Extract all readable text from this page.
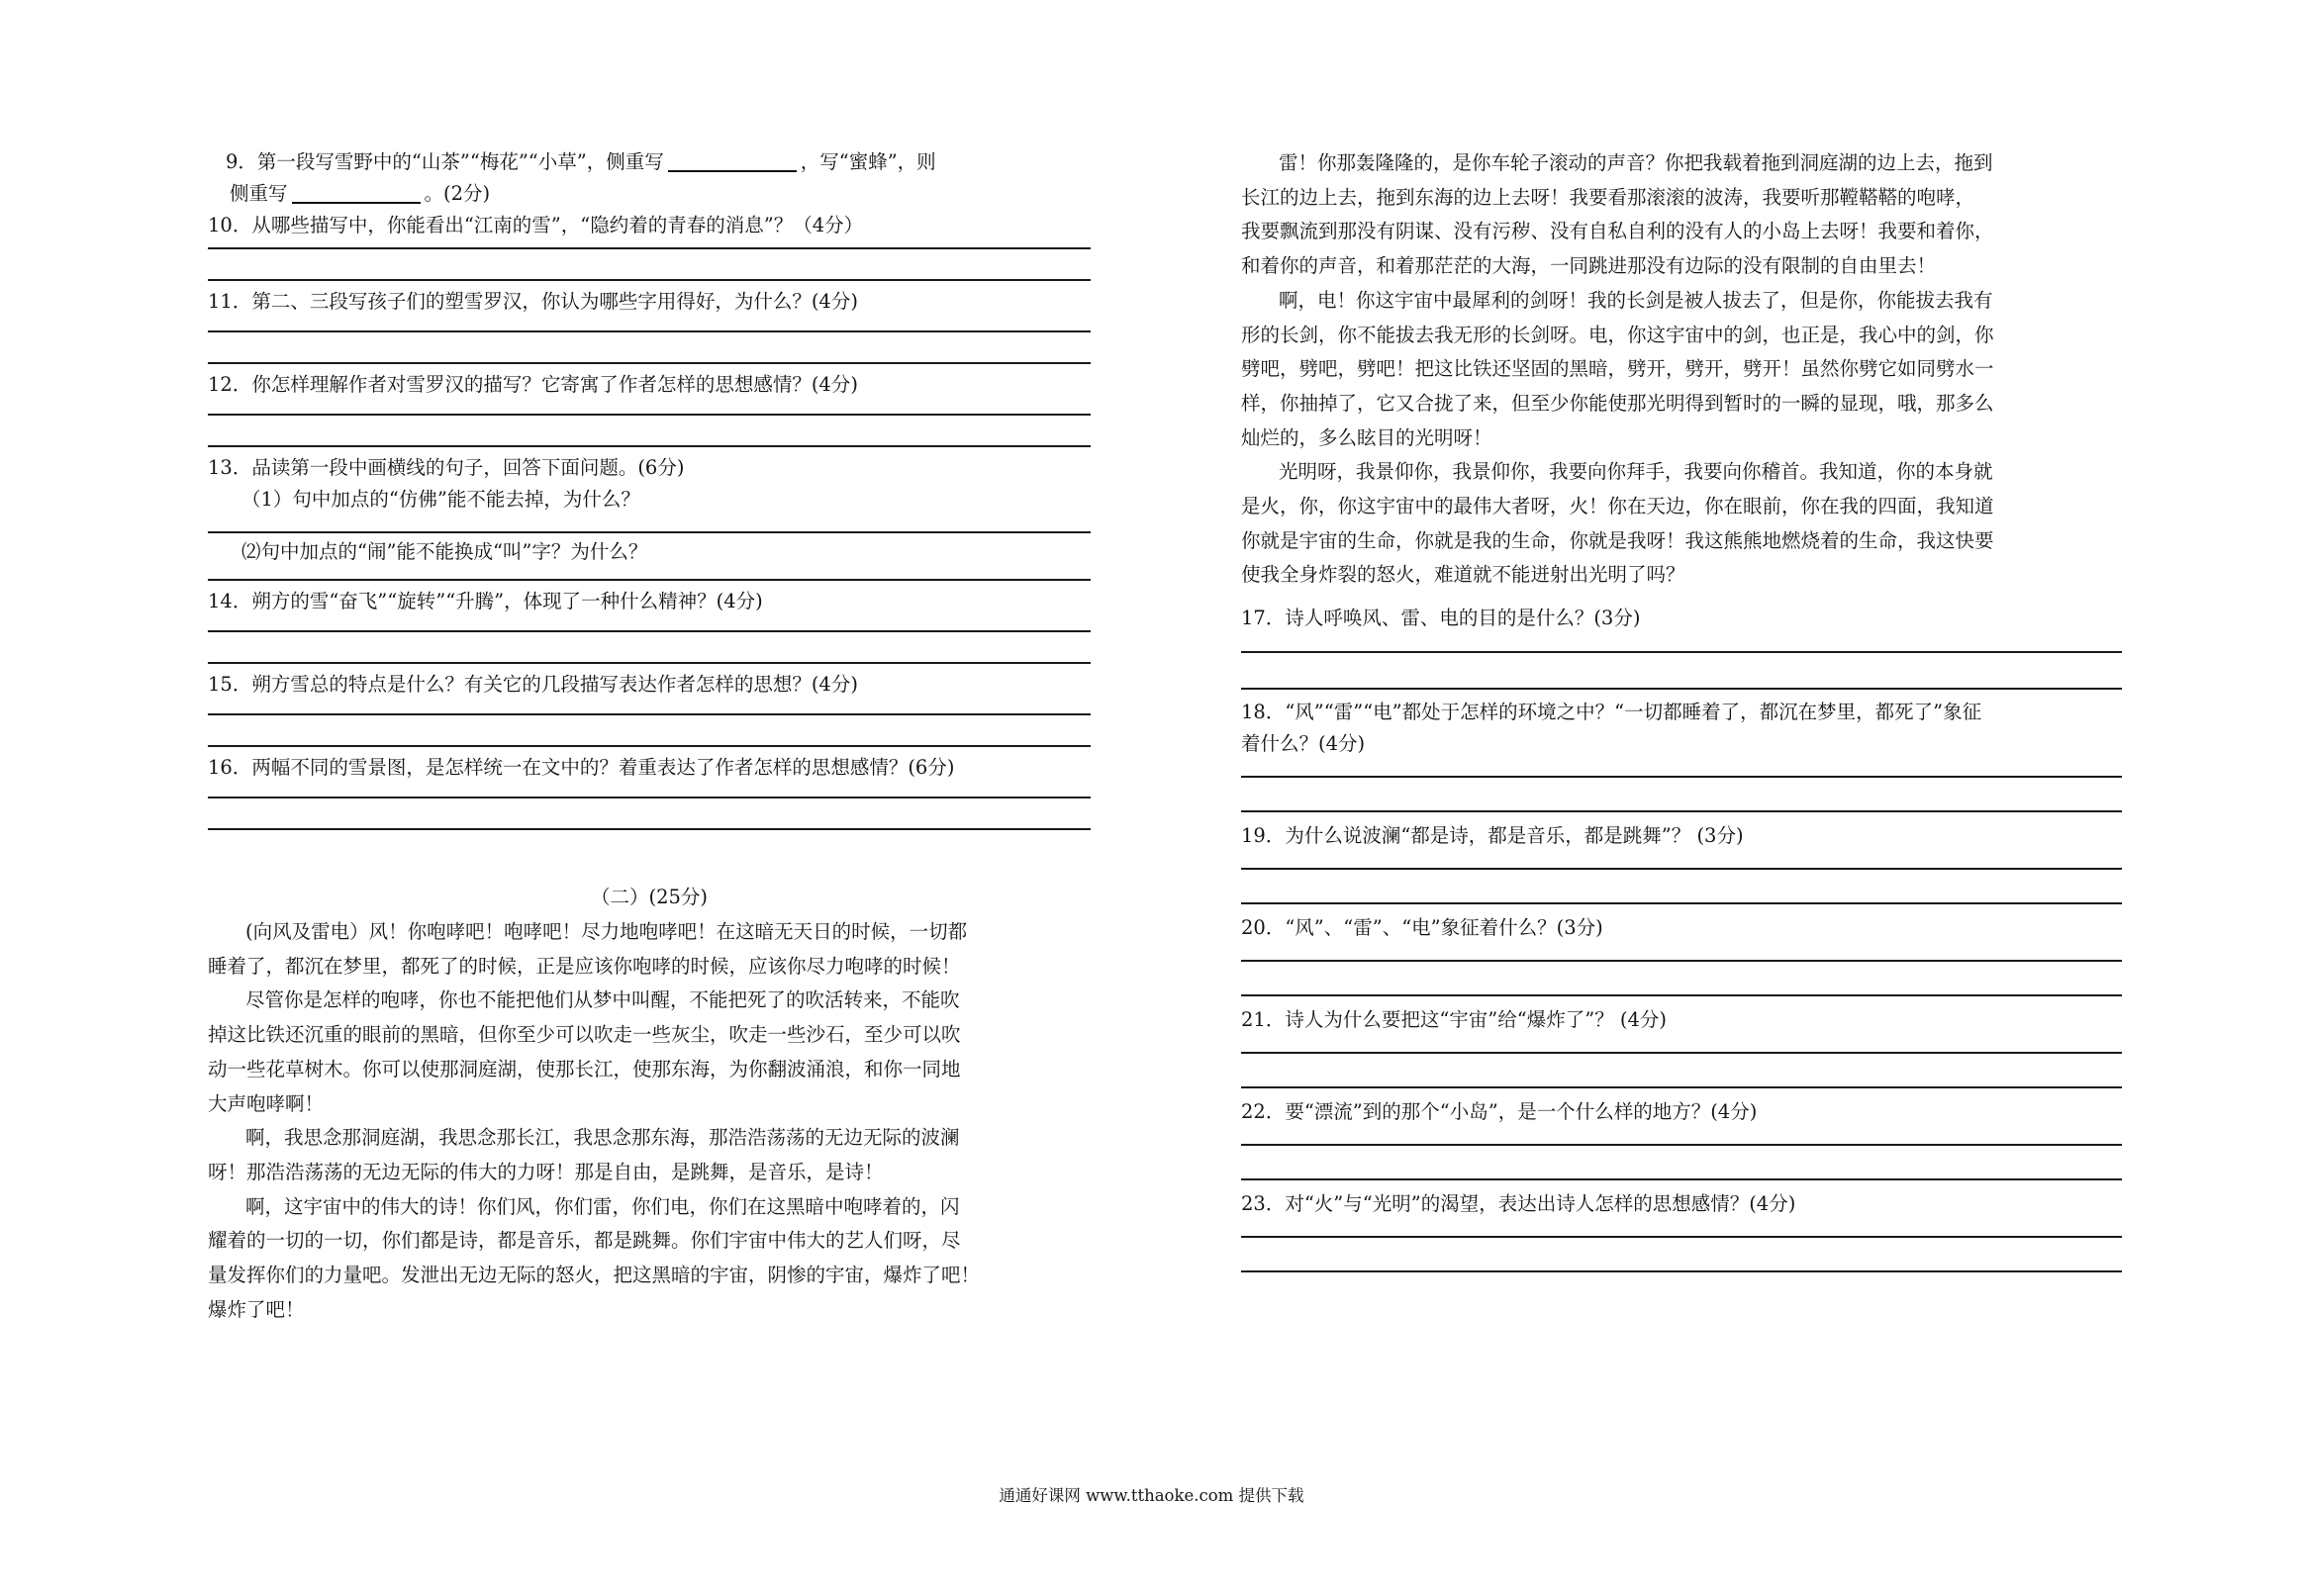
9．第一段写雪野中的“山茶”“梅花”“小草”，侧重写	，写“蜜蜂”，则
侧重写	。(2分)
10．从哪些描写中，你能看出“江南的雪”，“隐约着的青春的消息”？（4分）
11．第二、三段写孩子们的塑雪罗汉，你认为哪些字用得好，为什么？(4分)
12．你怎样理解作者对雪罗汉的描写？它寄寓了作者怎样的思想感情？(4分)
13．品读第一段中画横线的句子，回答下面问题。(6分)
（1）句中加点的“仿佛”能不能去掉，为什么？
⑵句中加点的“闹”能不能换成“叫”字？为什么？
14．朔方的雪“奋飞”“旋转”“升腾”，体现了一种什么精神？(4分)
15．朔方雪总的特点是什么？有关它的几段描写表达作者怎样的思想？(4分)
16．两幅不同的雪景图，是怎样统一在文中的？着重表达了作者怎样的思想感情？(6分)
（二）(25分)
(向风及雷电）风！你咆哮吧！咆哮吧！尽力地咆哮吧！在这暗无天日的时候，一切都
睡着了，都沉在梦里，都死了的时候，正是应该你咆哮的时候，应该你尽力咆哮的时候！
尽管你是怎样的咆哮，你也不能把他们从梦中叫醒，不能把死了的吹活转来，不能吹
掉这比铁还沉重的眼前的黑暗，但你至少可以吹走一些灰尘，吹走一些沙石，至少可以吹
动一些花草树木。你可以使那洞庭湖，使那长江，使那东海，为你翻波涌浪，和你一同地
大声咆哮啊！
啊，我思念那洞庭湖，我思念那长江，我思念那东海，那浩浩荡荡的无边无际的波澜
呀！那浩浩荡荡的无边无际的伟大的力呀！那是自由，是跳舞，是音乐，是诗！
啊，这宇宙中的伟大的诗！你们风，你们雷，你们电，你们在这黑暗中咆哮着的，闪
耀着的一切的一切，你们都是诗，都是音乐，都是跳舞。你们宇宙中伟大的艺人们呀，尽
量发挥你们的力量吧。发泄出无边无际的怒火，把这黑暗的宇宙，阴惨的宇宙，爆炸了吧！
爆炸了吧！
雷！你那轰隆隆的，是你车轮子滚动的声音？你把我载着拖到洞庭湖的边上去，拖到
长江的边上去，拖到东海的边上去呀！我要看那滚滚的波涛，我要听那鞺鞳鞳的咆哮，
我要飘流到那没有阴谋、没有污秽、没有自私自利的没有人的小岛上去呀！我要和着你，
和着你的声音，和着那茫茫的大海，一同跳进那没有边际的没有限制的自由里去！
啊，电！你这宇宙中最犀利的剑呀！我的长剑是被人拔去了，但是你，你能拔去我有
形的长剑，你不能拔去我无形的长剑呀。电，你这宇宙中的剑，也正是，我心中的剑，你
劈吧，劈吧，劈吧！把这比铁还坚固的黑暗，劈开，劈开，劈开！虽然你劈它如同劈水一
样，你抽掉了，它又合拢了来，但至少你能使那光明得到暂时的一瞬的显现，哦，那多么
灿烂的，多么眩目的光明呀！
光明呀，我景仰你，我景仰你，我要向你拜手，我要向你稽首。我知道，你的本身就
是火，你，你这宇宙中的最伟大者呀，火！你在天边，你在眼前，你在我的四面，我知道
你就是宇宙的生命，你就是我的生命，你就是我呀！我这熊熊地燃烧着的生命，我这快要
使我全身炸裂的怒火，难道就不能迸射出光明了吗？
17．诗人呼唤风、雷、电的目的是什么？(3分)
18．“风”“雷”“电”都处于怎样的环境之中？“一切都睡着了，都沉在梦里，都死了”象征
着什么？(4分)
19．为什么说波澜“都是诗，都是音乐，都是跳舞”？ (3分)
20．“风”、“雷”、“电”象征着什么？(3分)
21．诗人为什么要把这“宇宙”给“爆炸了”？ (4分)
22．要“漂流”到的那个“小岛”，是一个什么样的地方？(4分)
23．对“火”与“光明”的渴望，表达出诗人怎样的思想感情？(4分)
通通好课网 www.tthaoke.com 提供下载
